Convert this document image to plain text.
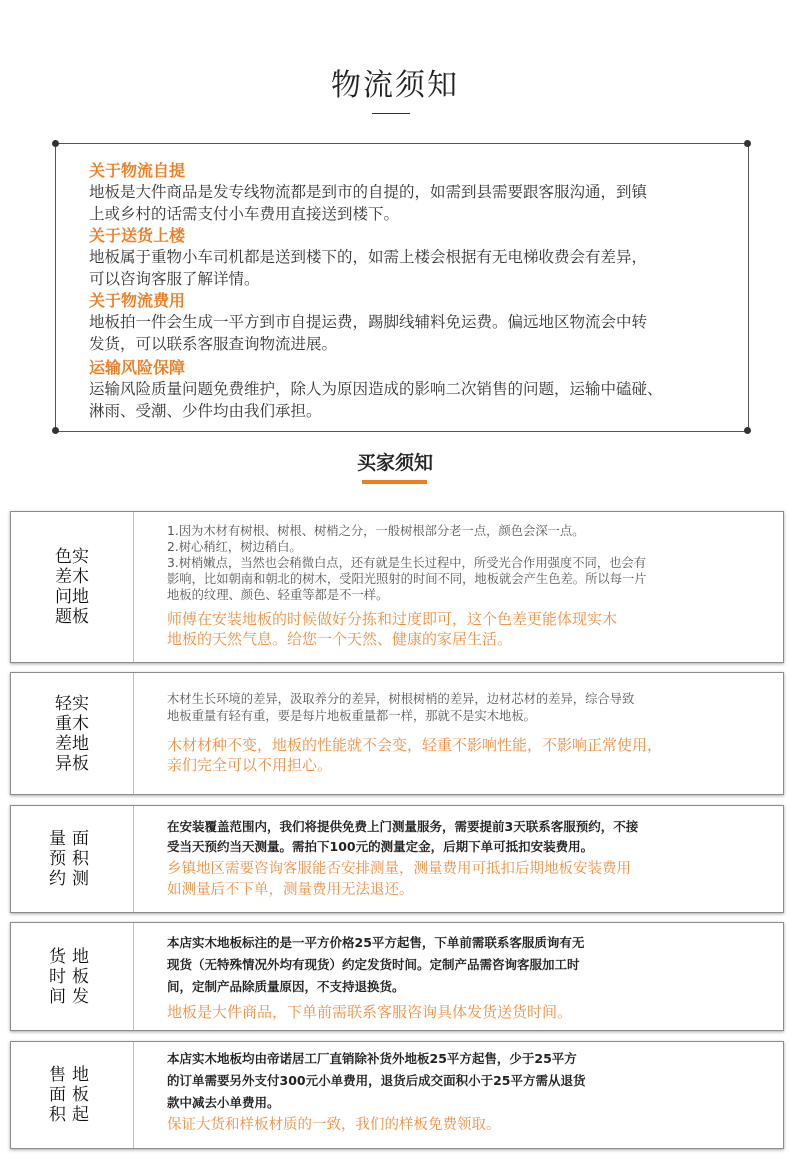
物流须知
关于物流自提
地板是大件商品是发专线物流都是到市的自提的，如需到县需要跟客服沟通，到镇
上或乡村的话需支付小车费用直接送到楼下。
关于送货上楼
地板属于重物小车司机都是送到楼下的，如需上楼会根据有无电梯收费会有差异，
可以咨询客服了解详情。
关于物流费用
地板拍一件会生成一平方到市自提运费，踢脚线辅料免运费。偏远地区物流会中转
发货，可以联系客服查询物流进展。
运输风险保障
运输风险质量问题免费维护，除人为原因造成的影响二次销售的问题，运输中磕碰、
淋雨、受潮、少件均由我们承担。
买家须知
色实
差木
问地
题板
1.因为木材有树根、树根、树梢之分，一般树根部分老一点，颜色会深一点。
2.树心稍红，树边稍白。
3.树梢嫩点，当然也会稍微白点，还有就是生长过程中，所受光合作用强度不同，也会有
影响，比如朝南和朝北的树木，受阳光照射的时间不同，地板就会产生色差。所以每一片
地板的纹理、颜色、轻重等都是不一样。
师傅在安装地板的时候做好分拣和过度即可，这个色差更能体现实木
地板的天然气息。给您一个天然、健康的家居生活。
轻实
重木
差地
异板
木材生长环境的差异，汲取养分的差异，树根树梢的差异，边材芯材的差异，综合导致
地板重量有轻有重，要是每片地板重量都一样，那就不是实木地板。
木材材种不变，地板的性能就不会变，轻重不影响性能，不影响正常使用，
亲们完全可以不用担心。
量面
预积
约测
在安装覆盖范围内，我们将提供免费上门测量服务，需要提前3天联系客服预约，不接
受当天预约当天测量。需拍下100元的测量定金，后期下单可抵扣安装费用。
乡镇地区需要咨询客服能否安排测量，测量费用可抵扣后期地板安装费用
如测量后不下单，测量费用无法退还。
货地
时板
间发
本店实木地板标注的是一平方价格25平方起售，下单前需联系客服质询有无
现货（无特殊情况外均有现货）约定发货时间。定制产品需咨询客服加工时
间，定制产品除质量原因，不支持退换货。
地板是大件商品，下单前需联系客服咨询具体发货送货时间。
售地
面板
积起
本店实木地板均由帝诺居工厂直销除补货外地板25平方起售，少于25平方
的订单需要另外支付300元小单费用，退货后成交面积小于25平方需从退货
款中减去小单费用。
保证大货和样板材质的一致，我们的样板免费领取。
